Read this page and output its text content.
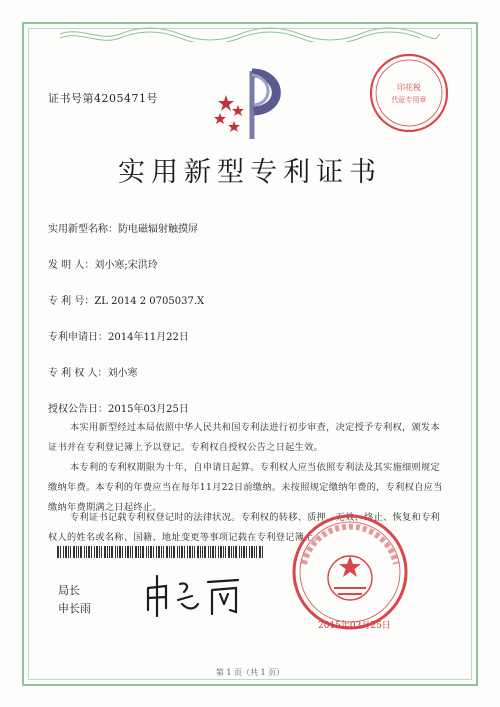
证书号第4205471号
印花税
代征专用章
实用新型专利证书
实用新型名称：防电磁辐射触摸屏
发 明 人：刘小寒;宋洪玲
专 利 号：ZL 2014 2 0705037.X
专利申请日：2014年11月22日
专 利 权 人：刘小寒
授权公告日：2015年03月25日
本实用新型经过本局依照中华人民共和国专利法进行初步审查，决定授予专利权，颁发本证书并在专利登记簿上予以登记。专利权自授权公告之日起生效。
本专利的专利权期限为十年，自申请日起算。专利权人应当依照专利法及其实施细则规定缴纳年费。本专利的年费应当在每年11月22日前缴纳。未按照规定缴纳年费的，专利权自应当缴纳年费期满之日起终止。
专利证书记载专利权登记时的法律状况。专利权的转移、质押、无效、终止、恢复和专利权人的姓名或名称、国籍、地址变更等事项记载在专利登记簿上。
局长
申长雨
2015年03月25日
第 1 页（共 1 页）
